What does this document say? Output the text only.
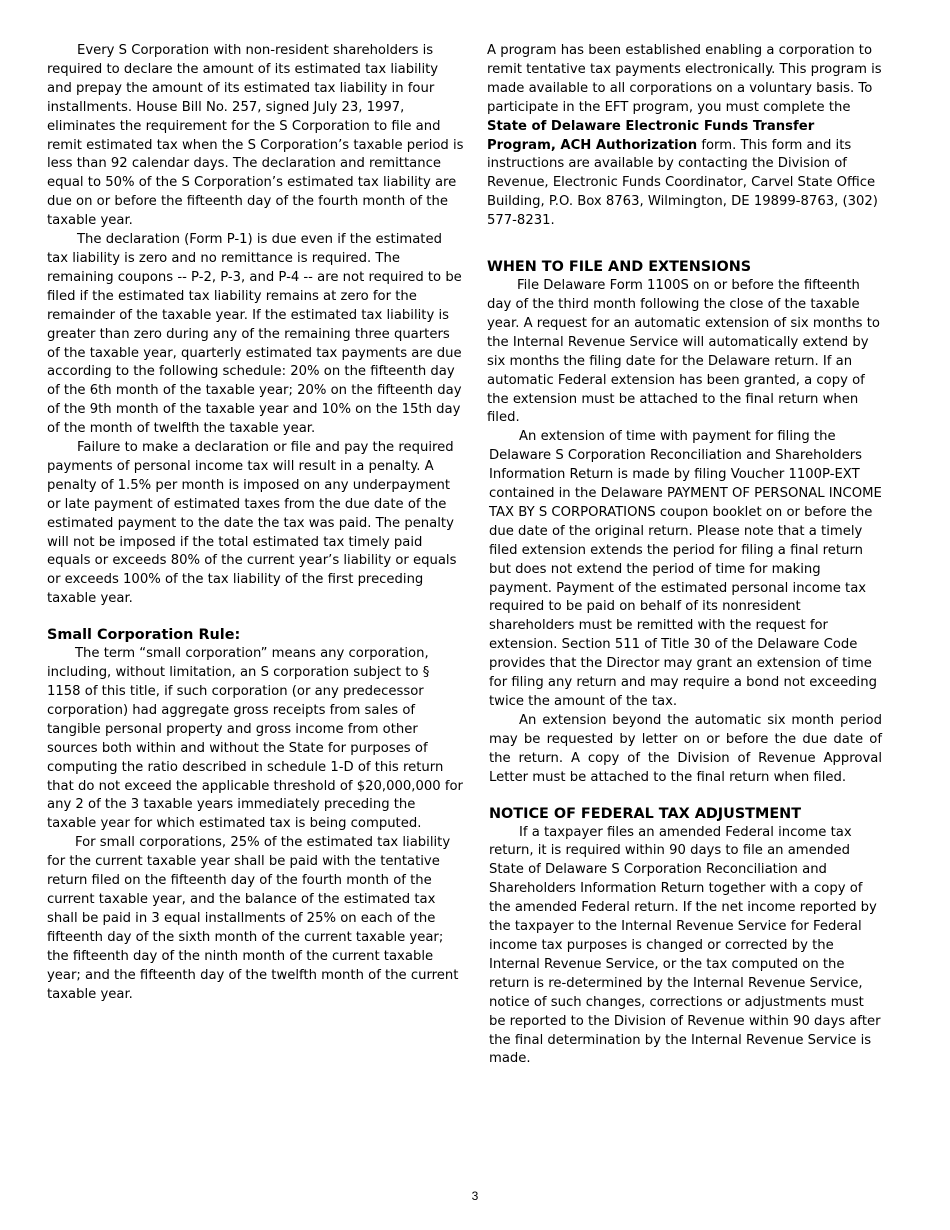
Every S Corporation with non-resident shareholders is required to declare the amount of its estimated tax liability and prepay the amount of its estimated tax liability in four installments. House Bill No. 257, signed July 23, 1997, eliminates the requirement for the S Corporation to file and remit estimated tax when the S Corporation’s taxable period is less than 92 calendar days. The declaration and remittance equal to 50% of the S Corporation’s estimated tax liability are due on or before the fifteenth day of the fourth month of the taxable year.

The declaration (Form P-1) is due even if the estimated tax liability is zero and no remittance is required. The remaining coupons -- P-2, P-3, and P-4 -- are not required to be filed if the estimated tax liability remains at zero for the remainder of the taxable year. If the estimated tax liability is greater than zero during any of the remaining three quarters of the taxable year, quarterly estimated tax payments are due according to the following schedule: 20% on the fifteenth day of the 6th month of the taxable year; 20% on the fifteenth day of the 9th month of the taxable year and 10% on the 15th day of the month of twelfth the taxable year.

Failure to make a declaration or file and pay the required payments of personal income tax will result in a penalty. A penalty of 1.5% per month is imposed on any underpayment or late payment of estimated taxes from the due date of the estimated payment to the date the tax was paid. The penalty will not be imposed if the total estimated tax timely paid equals or exceeds 80% of the current year’s liability or equals or exceeds 100% of the tax liability of the first preceding taxable year.

Small Corporation Rule:

The term “small corporation” means any corporation, including, without limitation, an S corporation subject to § 1158 of this title, if such corporation (or any predecessor corporation) had aggregate gross receipts from sales of tangible personal property and gross income from other sources both within and without the State for purposes of computing the ratio described in schedule 1-D of this return that do not exceed the applicable threshold of $20,000,000 for any 2 of the 3 taxable years immediately preceding the taxable year for which estimated tax is being computed.

For small corporations, 25% of the estimated tax liability for the current taxable year shall be paid with the tentative return filed on the fifteenth day of the fourth month of the current taxable year, and the balance of the estimated tax shall be paid in 3 equal installments of 25% on each of the fifteenth day of the sixth month of the current taxable year; the fifteenth day of the ninth month of the current taxable year; and the fifteenth day of the twelfth month of the current taxable year.

A program has been established enabling a corporation to remit tentative tax payments electronically. This program is made available to all corporations on a voluntary basis. To participate in the EFT program, you must complete the State of Delaware Electronic Funds Transfer Program, ACH Authorization form. This form and its instructions are available by contacting the Division of Revenue, Electronic Funds Coordinator, Carvel State Office Building, P.O. Box 8763, Wilmington, DE 19899-8763, (302) 577-8231.

WHEN TO FILE AND EXTENSIONS

File Delaware Form 1100S on or before the fifteenth day of the third month following the close of the taxable year. A request for an automatic extension of six months to the Internal Revenue Service will automatically extend by six months the filing date for the Delaware return. If an automatic Federal extension has been granted, a copy of the extension must be attached to the final return when filed.

An extension of time with payment for filing the Delaware S Corporation Reconciliation and Shareholders Information Return is made by filing Voucher 1100P-EXT contained in the Delaware PAYMENT OF PERSONAL INCOME TAX BY S CORPORATIONS coupon booklet on or before the due date of the original return. Please note that a timely filed extension extends the period for filing a final return but does not extend the period of time for making payment. Payment of the estimated personal income tax required to be paid on behalf of its nonresident shareholders must be remitted with the request for extension. Section 511 of Title 30 of the Delaware Code provides that the Director may grant an extension of time for filing any return and may require a bond not exceeding twice the amount of the tax.

An extension beyond the automatic six month period may be requested by letter on or before the due date of the return. A copy of the Division of Revenue Approval Letter must be attached to the final return when filed.

NOTICE OF FEDERAL TAX ADJUSTMENT

If a taxpayer files an amended Federal income tax return, it is required within 90 days to file an amended State of Delaware S Corporation Reconciliation and Shareholders Information Return together with a copy of the amended Federal return. If the net income reported by the taxpayer to the Internal Revenue Service for Federal income tax purposes is changed or corrected by the Internal Revenue Service, or the tax computed on the return is re-determined by the Internal Revenue Service, notice of such changes, corrections or adjustments must be reported to the Division of Revenue within 90 days after the final determination by the Internal Revenue Service is made.

3
